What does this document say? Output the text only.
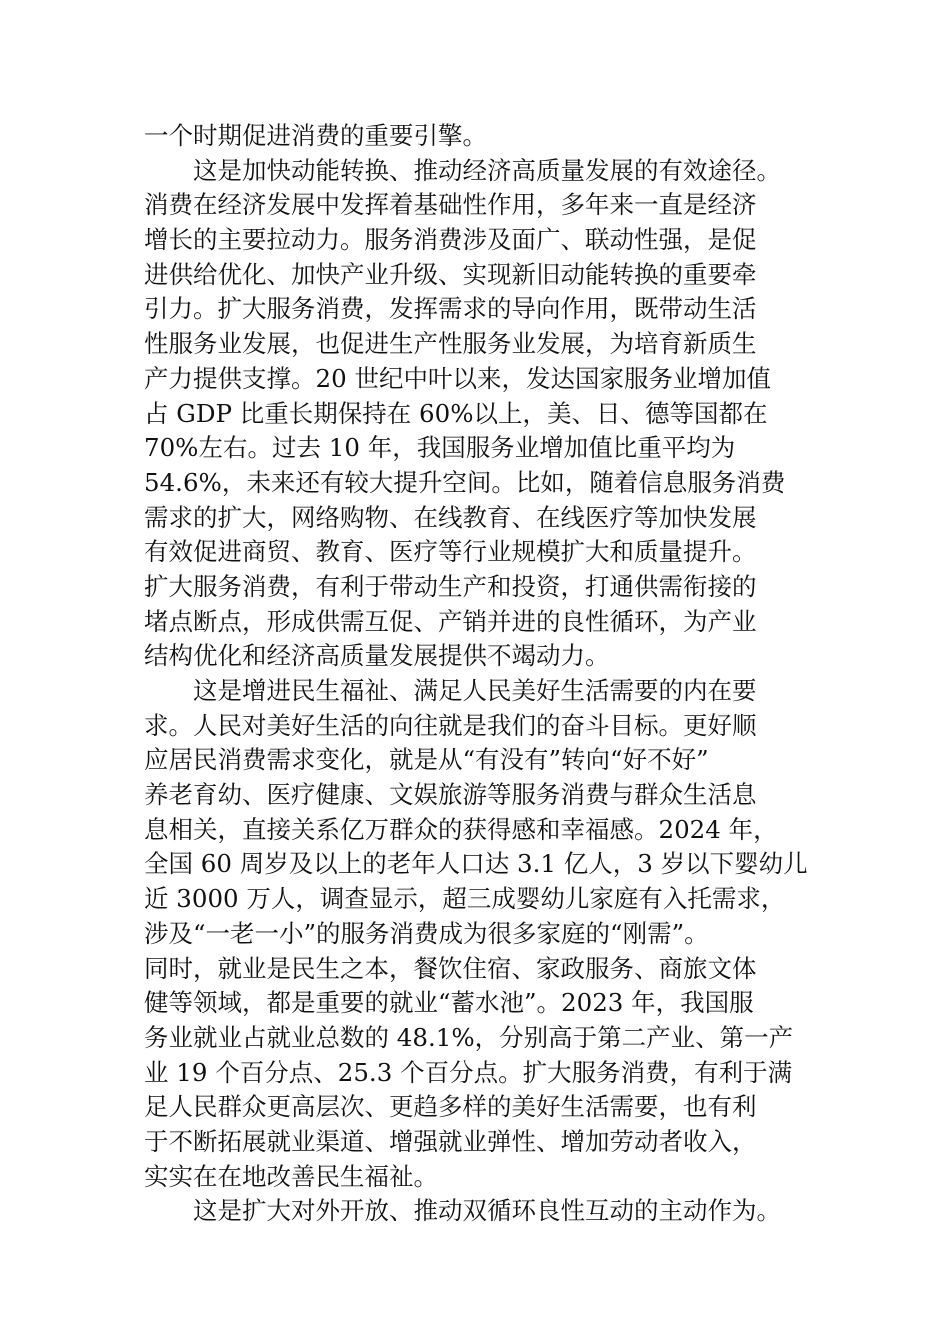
一个时期促进消费的重要引擎。
这是加快动能转换、推动经济高质量发展的有效途径。
消费在经济发展中发挥着基础性作用，多年来一直是经济
增长的主要拉动力。服务消费涉及面广、联动性强，是促
进供给优化、加快产业升级、实现新旧动能转换的重要牵
引力。扩大服务消费，发挥需求的导向作用，既带动生活
性服务业发展，也促进生产性服务业发展，为培育新质生
产力提供支撑。20 世纪中叶以来，发达国家服务业增加值
占 GDP 比重长期保持在 60%以上，美、日、德等国都在
70%左右。过去 10 年，我国服务业增加值比重平均为
54.6%，未来还有较大提升空间。比如，随着信息服务消费
需求的扩大，网络购物、在线教育、在线医疗等加快发展
有效促进商贸、教育、医疗等行业规模扩大和质量提升。
扩大服务消费，有利于带动生产和投资，打通供需衔接的
堵点断点，形成供需互促、产销并进的良性循环，为产业
结构优化和经济高质量发展提供不竭动力。
这是增进民生福祉、满足人民美好生活需要的内在要
求。人民对美好生活的向往就是我们的奋斗目标。更好顺
应居民消费需求变化，就是从“有没有”转向“好不好”
养老育幼、医疗健康、文娱旅游等服务消费与群众生活息
息相关，直接关系亿万群众的获得感和幸福感。2024 年，
全国 60 周岁及以上的老年人口达 3.1 亿人，3 岁以下婴幼儿
近 3000 万人，调查显示，超三成婴幼儿家庭有入托需求，
涉及“一老一小”的服务消费成为很多家庭的“刚需”。
同时，就业是民生之本，餐饮住宿、家政服务、商旅文体
健等领域，都是重要的就业“蓄水池”。2023 年，我国服
务业就业占就业总数的 48.1%，分别高于第二产业、第一产
业 19 个百分点、25.3 个百分点。扩大服务消费，有利于满
足人民群众更高层次、更趋多样的美好生活需要，也有利
于不断拓展就业渠道、增强就业弹性、增加劳动者收入，
实实在在地改善民生福祉。
这是扩大对外开放、推动双循环良性互动的主动作为。
